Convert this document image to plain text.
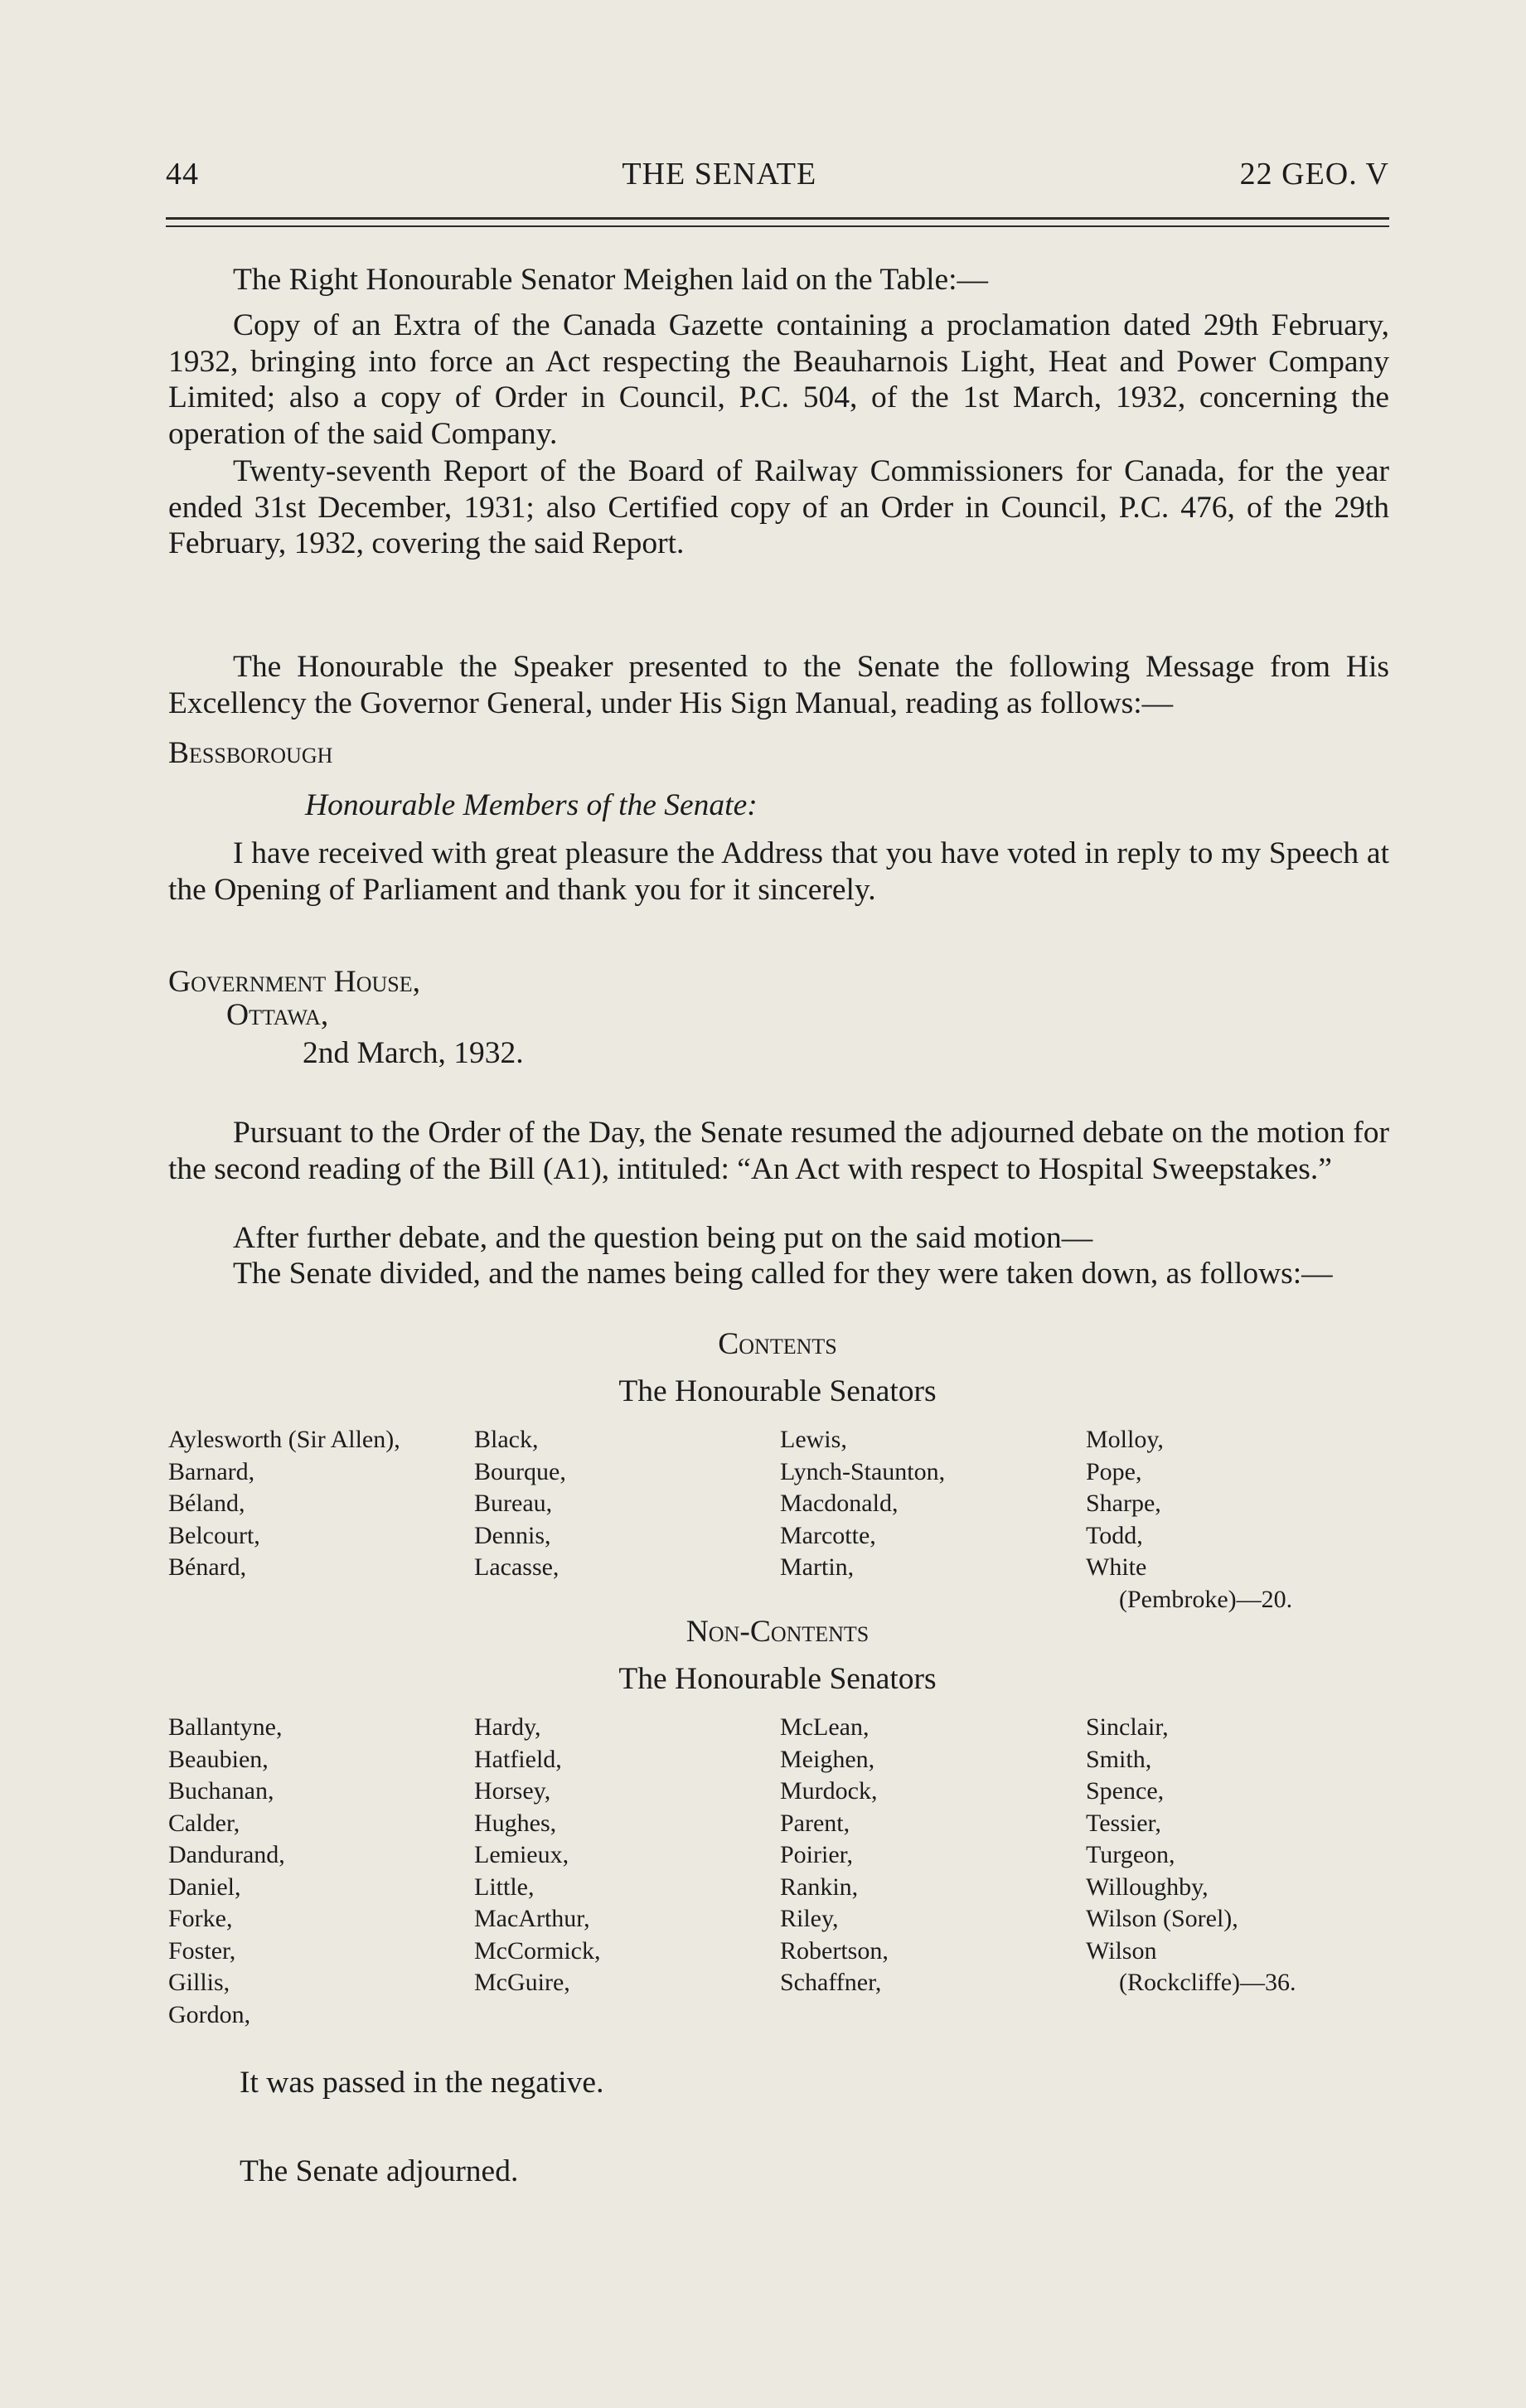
44	THE SENATE	22 GEO. V

The Right Honourable Senator Meighen laid on the Table:—

Copy of an Extra of the Canada Gazette containing a proclamation dated 29th February, 1932, bringing into force an Act respecting the Beauharnois Light, Heat and Power Company Limited; also a copy of Order in Council, P.C. 504, of the 1st March, 1932, concerning the operation of the said Company.

Twenty-seventh Report of the Board of Railway Commissioners for Canada, for the year ended 31st December, 1931; also Certified copy of an Order in Council, P.C. 476, of the 29th February, 1932, covering the said Report.

The Honourable the Speaker presented to the Senate the following Message from His Excellency the Governor General, under His Sign Manual, reading as follows:—

Bessborough

Honourable Members of the Senate:

I have received with great pleasure the Address that you have voted in reply to my Speech at the Opening of Parliament and thank you for it sincerely.

Government House,

Ottawa,

2nd March, 1932.

Pursuant to the Order of the Day, the Senate resumed the adjourned debate on the motion for the second reading of the Bill (A1), intituled: “An Act with respect to Hospital Sweepstakes.”

After further debate, and the question being put on the said motion—

The Senate divided, and the names being called for they were taken down, as follows:—

Contents
The Honourable Senators
Aylesworth (Sir Allen),
Barnard,
Béland,
Belcourt,
Bénard,
Black,
Bourque,
Bureau,
Dennis,
Lacasse,
Lewis,
Lynch-Staunton,
Macdonald,
Marcotte,
Martin,
Molloy,
Pope,
Sharpe,
Todd,
White
(Pembroke)—20.
Non-Contents
The Honourable Senators
Ballantyne,
Beaubien,
Buchanan,
Calder,
Dandurand,
Daniel,
Forke,
Foster,
Gillis,
Gordon,
Hardy,
Hatfield,
Horsey,
Hughes,
Lemieux,
Little,
MacArthur,
McCormick,
McGuire,
McLean,
Meighen,
Murdock,
Parent,
Poirier,
Rankin,
Riley,
Robertson,
Schaffner,
Sinclair,
Smith,
Spence,
Tessier,
Turgeon,
Willoughby,
Wilson (Sorel),
Wilson
(Rockcliffe)—36.

It was passed in the negative.

The Senate adjourned.
